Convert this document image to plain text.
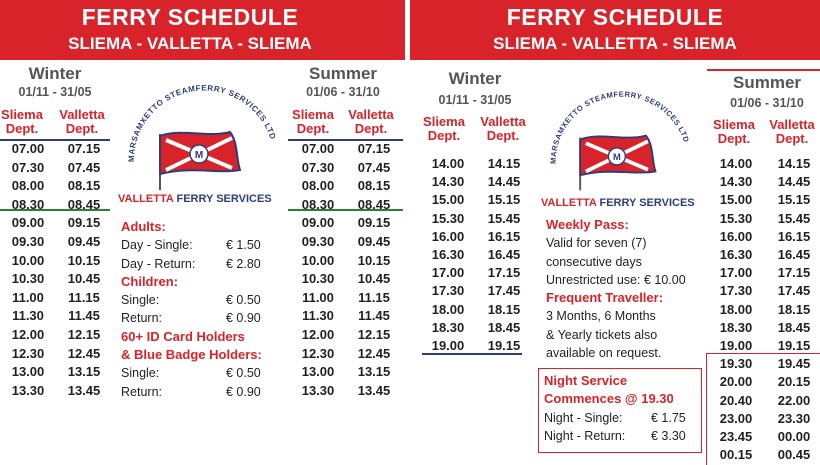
FERRY SCHEDULE
SLIEMA - VALLETTA - SLIEMA
Winter
01/11 - 31/05
Sliema Dept.
Valletta Dept.
07.00	07.15
07.30	07.45
08.00	08.15
08.30	08.45
09.00	09.15
09.30	09.45
10.00	10.15
10.30	10.45
11.00	11.15
11.30	11.45
12.00	12.15
12.30	12.45
13.00	13.15
13.30	13.45
MARSAMXETTO STEAMFERRY SERVICES LTD
M
VALLETTA FERRY SERVICES
Adults:
Day - Single:	€ 1.50
Day - Return: € 2.80
Children:
Single:	€ 0.50
Return:	€ 0.90
60+ ID Card Holders
& Blue Badge Holders:
Single:	€ 0.50
Return:	€ 0.90
Summer
01/06 - 31/10
Sliema Dept.
Valletta Dept.
07.00	07.15
07.30	07.45
08.00	08.15
08.30	08.45
09.00	09.15
09.30	09.45
10.00	10.15
10.30	10.45
11.00	11.15
11.30	11.45
12.00	12.15
12.30	12.45
13.00	13.15
13.30	13.45
FERRY SCHEDULE
SLIEMA - VALLETTA - SLIEMA
Winter
01/11 - 31/05
Sliema Dept.
Valletta Dept.
14.00	14.15
14.30	14.45
15.00	15.15
15.30	15.45
16.00	16.15
16.30	16.45
17.00	17.15
17.30	17.45
18.00	18.15
18.30	18.45
19.00	19.15
MARSAMXETTO STEAMFERRY SERVICES LTD
M
VALLETTA FERRY SERVICES
Weekly Pass:
Valid for seven (7)
consecutive days
Unrestricted use: € 10.00
Frequent Traveller:
3 Months, 6 Months
& Yearly tickets also
available on request.
Night Service
Commences @ 19.30
Night - Single: € 1.75
Night - Return: € 3.30
Summer
01/06 - 31/10
Sliema Dept.
Valletta Dept.
14.00	14.15
14.30	14.45
15.00	15.15
15.30	15.45
16.00	16.15
16.30	16.45
17.00	17.15
17.30	17.45
18.00	18.15
18.30	18.45
19.00	19.15
19.30	19.45
20.00	20.15
20.40	22.00
23.00	23.30
23.45	00.00
00.15	00.45
